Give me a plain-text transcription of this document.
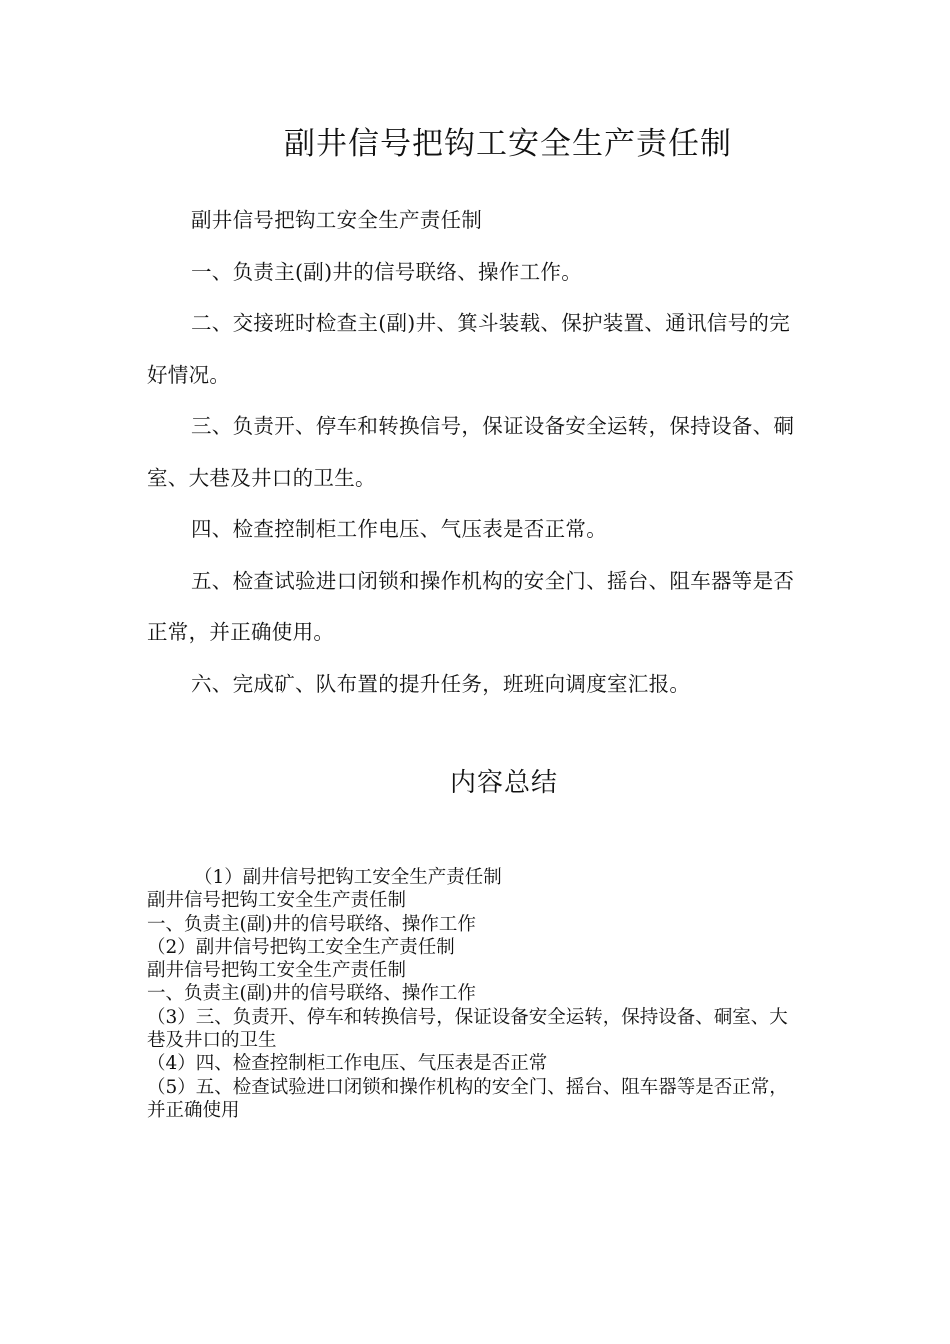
副井信号把钩工安全生产责任制

副井信号把钩工安全生产责任制

一、负责主(副)井的信号联络、操作工作。

二、交接班时检查主(副)井、箕斗装载、保护装置、通讯信号的完好情况。

三、负责开、停车和转换信号，保证设备安全运转，保持设备、硐室、大巷及井口的卫生。

四、检查控制柜工作电压、气压表是否正常。

五、检查试验进口闭锁和操作机构的安全门、摇台、阻车器等是否正常，并正确使用。

六、完成矿、队布置的提升任务，班班向调度室汇报。

内容总结

（1）副井信号把钩工安全生产责任制

副井信号把钩工安全生产责任制

一、负责主(副)井的信号联络、操作工作

（2）副井信号把钩工安全生产责任制

副井信号把钩工安全生产责任制

一、负责主(副)井的信号联络、操作工作

（3）三、负责开、停车和转换信号，保证设备安全运转，保持设备、硐室、大巷及井口的卫生

（4）四、检查控制柜工作电压、气压表是否正常

（5）五、检查试验进口闭锁和操作机构的安全门、摇台、阻车器等是否正常，并正确使用
